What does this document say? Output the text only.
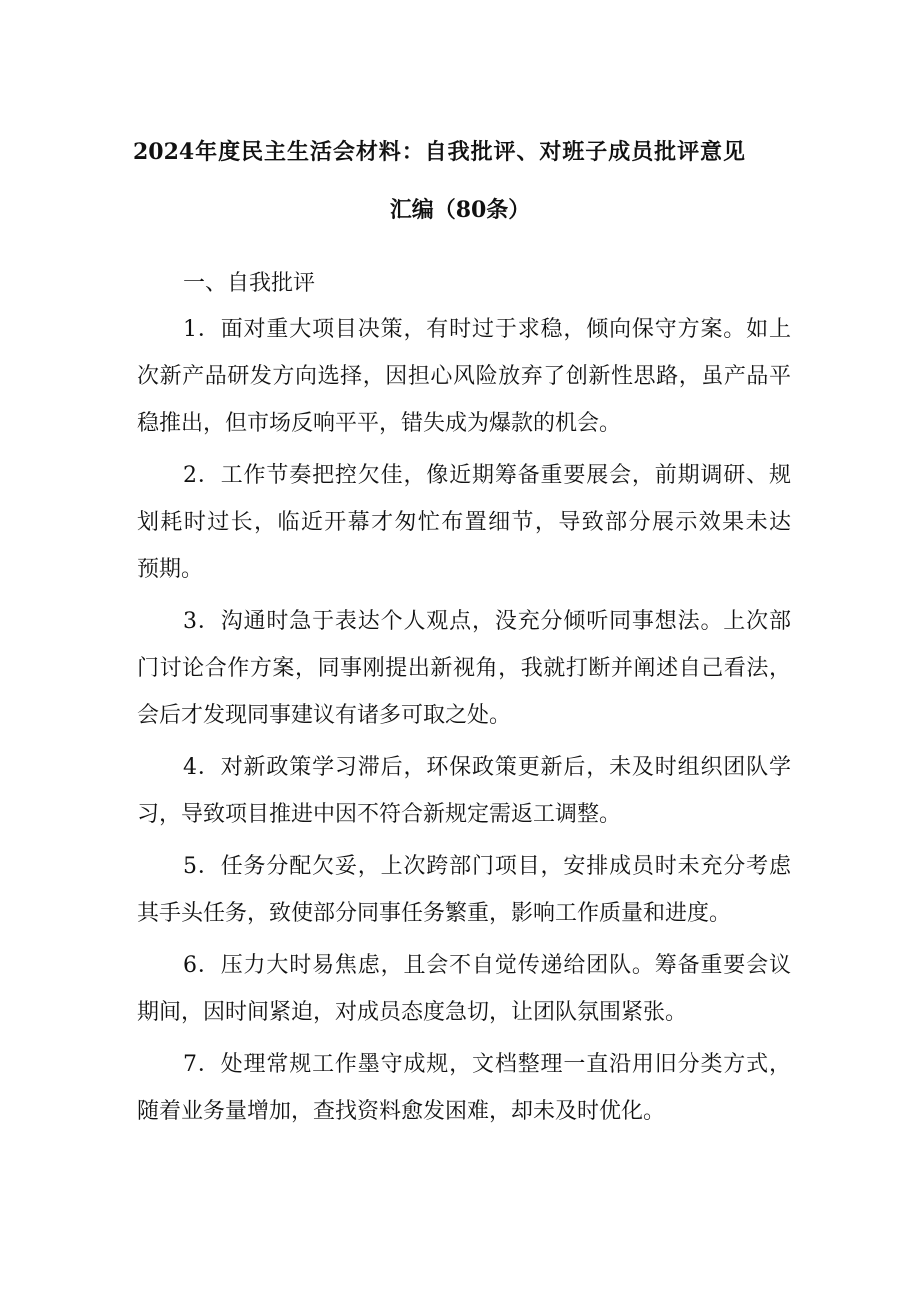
2024年度民主生活会材料：自我批评、对班子成员批评意见
汇编（80条）
一、自我批评
1．面对重大项目决策，有时过于求稳，倾向保守方案。如上
次新产品研发方向选择，因担心风险放弃了创新性思路，虽产品平
稳推出，但市场反响平平，错失成为爆款的机会。
2．工作节奏把控欠佳，像近期筹备重要展会，前期调研、规
划耗时过长，临近开幕才匆忙布置细节，导致部分展示效果未达
预期。
3．沟通时急于表达个人观点，没充分倾听同事想法。上次部
门讨论合作方案，同事刚提出新视角，我就打断并阐述自己看法，
会后才发现同事建议有诸多可取之处。
4．对新政策学习滞后，环保政策更新后，未及时组织团队学
习，导致项目推进中因不符合新规定需返工调整。
5．任务分配欠妥，上次跨部门项目，安排成员时未充分考虑
其手头任务，致使部分同事任务繁重，影响工作质量和进度。
6．压力大时易焦虑，且会不自觉传递给团队。筹备重要会议
期间，因时间紧迫，对成员态度急切，让团队氛围紧张。
7．处理常规工作墨守成规，文档整理一直沿用旧分类方式，
随着业务量增加，查找资料愈发困难，却未及时优化。
